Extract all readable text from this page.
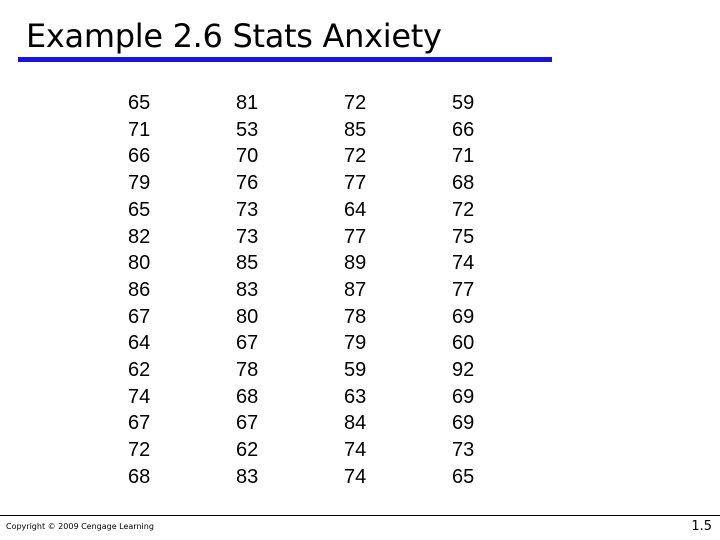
Example 2.6 Stats Anxiety
65	81	72	59
71	53	85	66
66	70	72	71
79	76	77	68
65	73	64	72
82	73	77	75
80	85	89	74
86	83	87	77
67	80	78	69
64	67	79	60
62	78	59	92
74	68	63	69
67	67	84	69
72	62	74	73
68	83	74	65
Copyright © 2009 Cengage Learning	1.5
